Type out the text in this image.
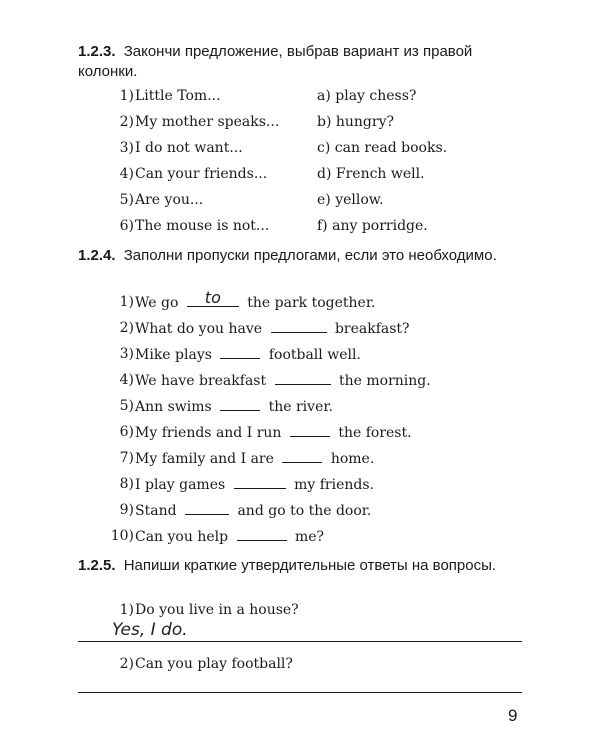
1.2.3. Закончи предложение, выбрав вариант из правой колонки.

1) Little Tom...	a) play chess?
2) My mother speaks...	b) hungry?
3) I do not want...	c) can read books.
4) Can your friends...	d) French well.
5) Are you...	e) yellow.
6) The mouse is not...	f) any porridge.

1.2.4. Заполни пропуски предлогами, если это необходимо.

1) We go	to	the park together.
2) What do you have	breakfast?
3) Mike plays	football well.
4) We have breakfast	the morning.
5) Ann swims	the river.
6) My friends and I run	the forest.
7) My family and I are	home.
8) I play games	my friends.
9) Stand	and go to the door.
10) Can you help	me?

1.2.5. Напиши краткие утвердительные ответы на вопросы.

1) Do you live in a house?
Yes, I do.
2) Can you play football?
9
